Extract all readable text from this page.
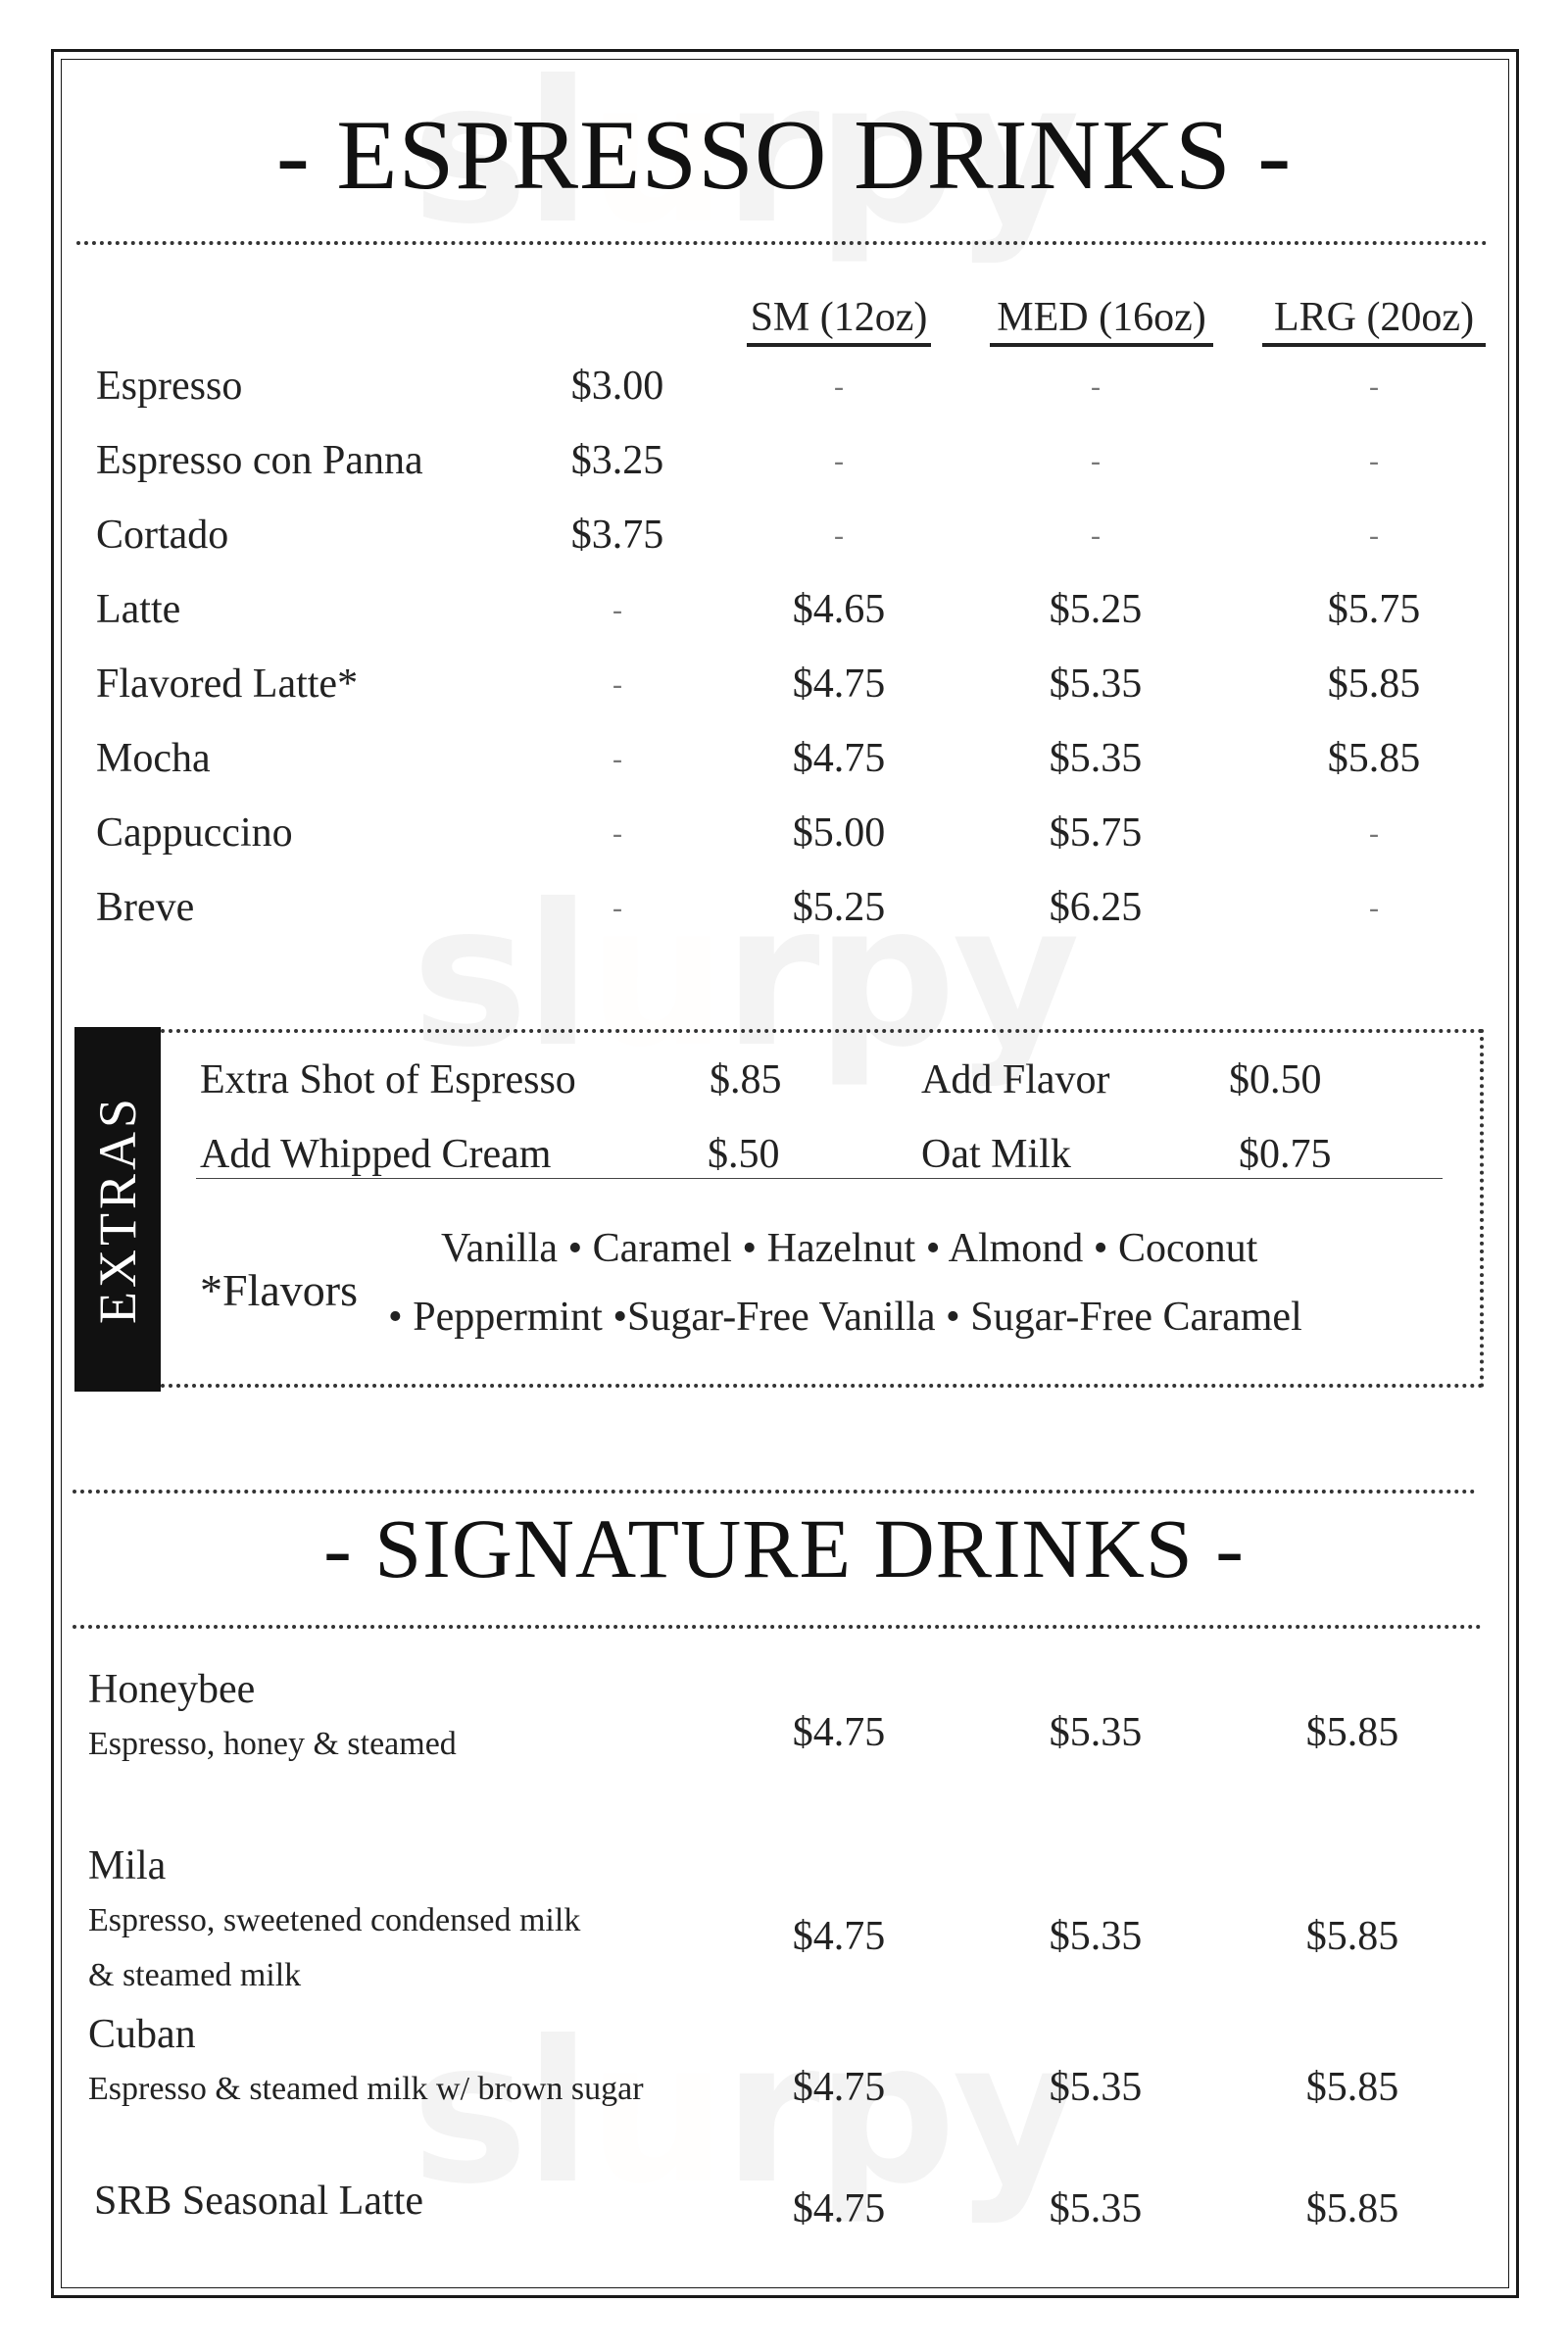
- ESPRESSO DRINKS -
SM (12oz) MED (16oz) LRG (20oz)
Espresso	$3.00	-	-	-
Espresso con Panna	$3.25	-	-	-
Cortado	$3.75	-	-	-
Latte	-	$4.65	$5.25	$5.75
Flavored Latte*	-	$4.75	$5.35	$5.85
Mocha	-	$4.75	$5.35	$5.85
Cappuccino	-	$5.00	$5.75	-
Breve	-	$5.25	$6.25	-
EXTRAS
Extra Shot of Espresso	$.85	Add Flavor	$0.50
Add Whipped Cream	$.50	Oat Milk	$0.75
*Flavors
Vanilla • Caramel • Hazelnut • Almond • Coconut
• Peppermint •Sugar-Free Vanilla • Sugar-Free Caramel
- SIGNATURE DRINKS -
Honeybee
Espresso, honey & steamed	$4.75	$5.35	$5.85
Mila
Espresso, sweetened condensed milk
& steamed milk
$4.75	$5.35	$5.85
Cuban
Espresso & steamed milk w/ brown sugar	$4.75	$5.35	$5.85
SRB Seasonal Latte	$4.75	$5.35	$5.85
